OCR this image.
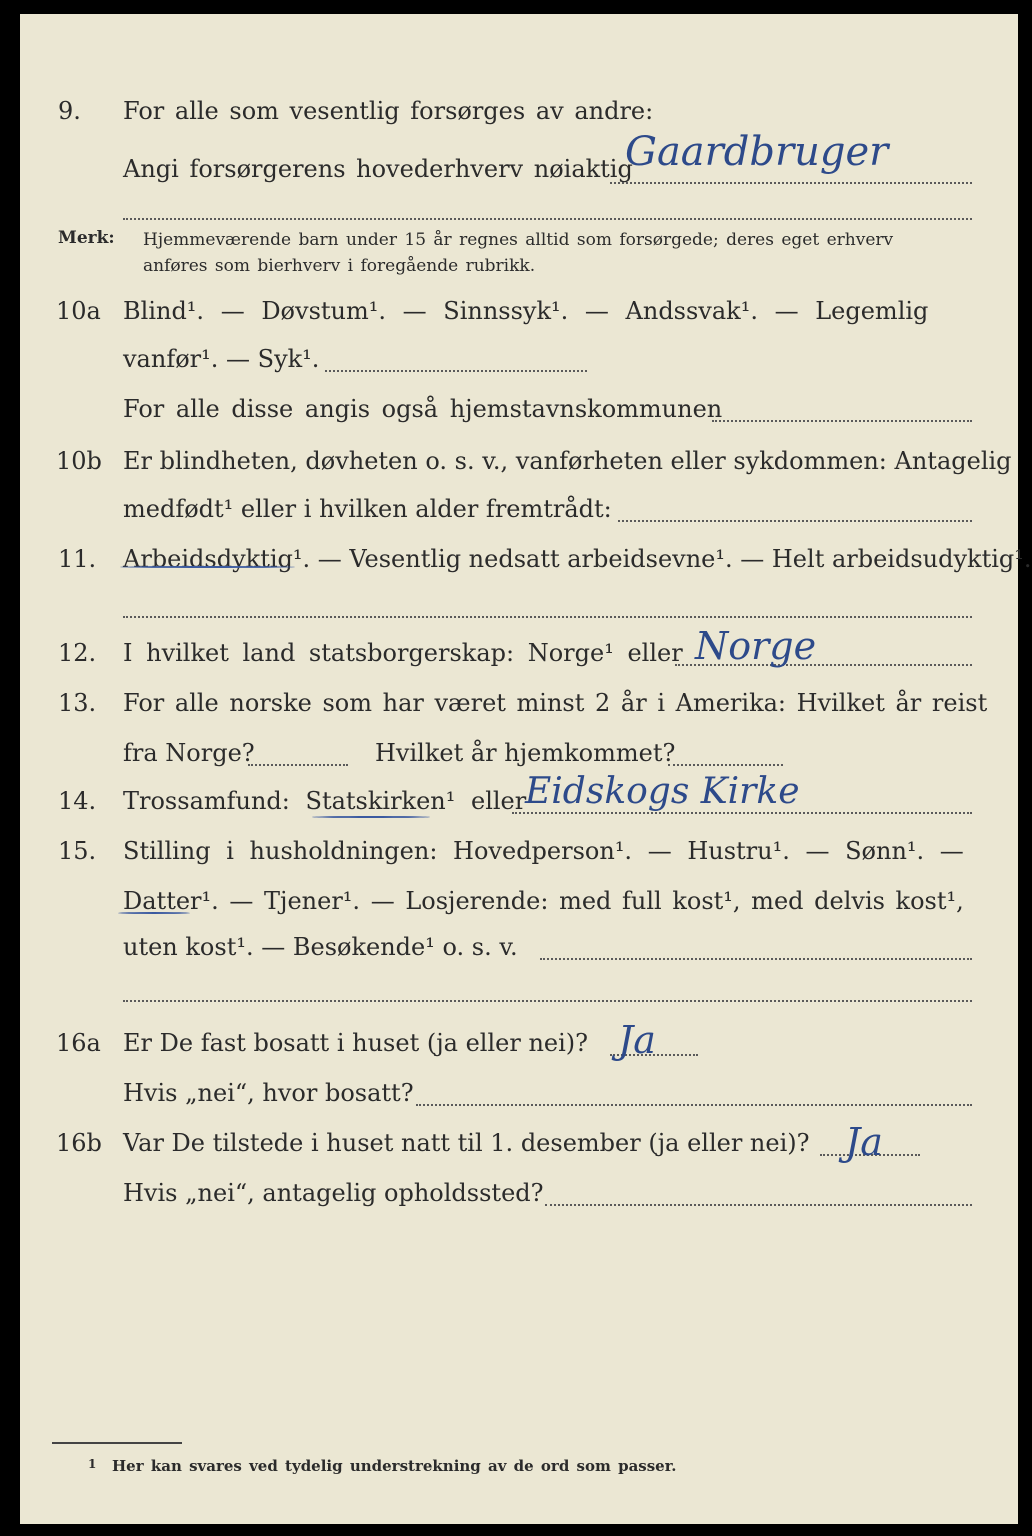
9. For alle som vesentlig forsørges av andre:
Angi forsørgerens hovederhverv nøiaktig
Gaardbruger
Merk: Hjemmeværende barn under 15 år regnes alltid som forsørgede; deres eget erhverv
anføres som bierhverv i foregående rubrikk.
10a Blind¹. — Døvstum¹. — Sinnssyk¹. — Andssvak¹. — Legemlig
vanfør¹. — Syk¹.
For alle disse angis også hjemstavnskommunen
10b Er blindheten, døvheten o. s. v., vanførheten eller sykdommen: Antagelig
medfødt¹ eller i hvilken alder fremtrådt:
11. Arbeidsdyktig¹. — Vesentlig nedsatt arbeidsevne¹. — Helt arbeidsudyktig¹.
12. I hvilket land statsborgerskap: Norge¹ eller Norge
13. For alle norske som har været minst 2 år i Amerika: Hvilket år reist
fra Norge?	Hvilket år hjemkommet?
14. Trossamfund: Statskirken¹ eller
Eidskogs Kirke
15. Stilling i husholdningen: Hovedperson¹. — Hustru¹. — Sønn¹. —
Datter¹. — Tjener¹. — Losjerende: med full kost¹, med delvis kost¹,
uten kost¹. — Besøkende¹ o. s. v.
16a Er De fast bosatt i huset (ja eller nei)? Ja
Hvis „nei“, hvor bosatt?
16b Var De tilstede i huset natt til 1. desember (ja eller nei)? Ja
Hvis „nei“, antagelig opholdssted?
1 Her kan svares ved tydelig understrekning av de ord som passer.
